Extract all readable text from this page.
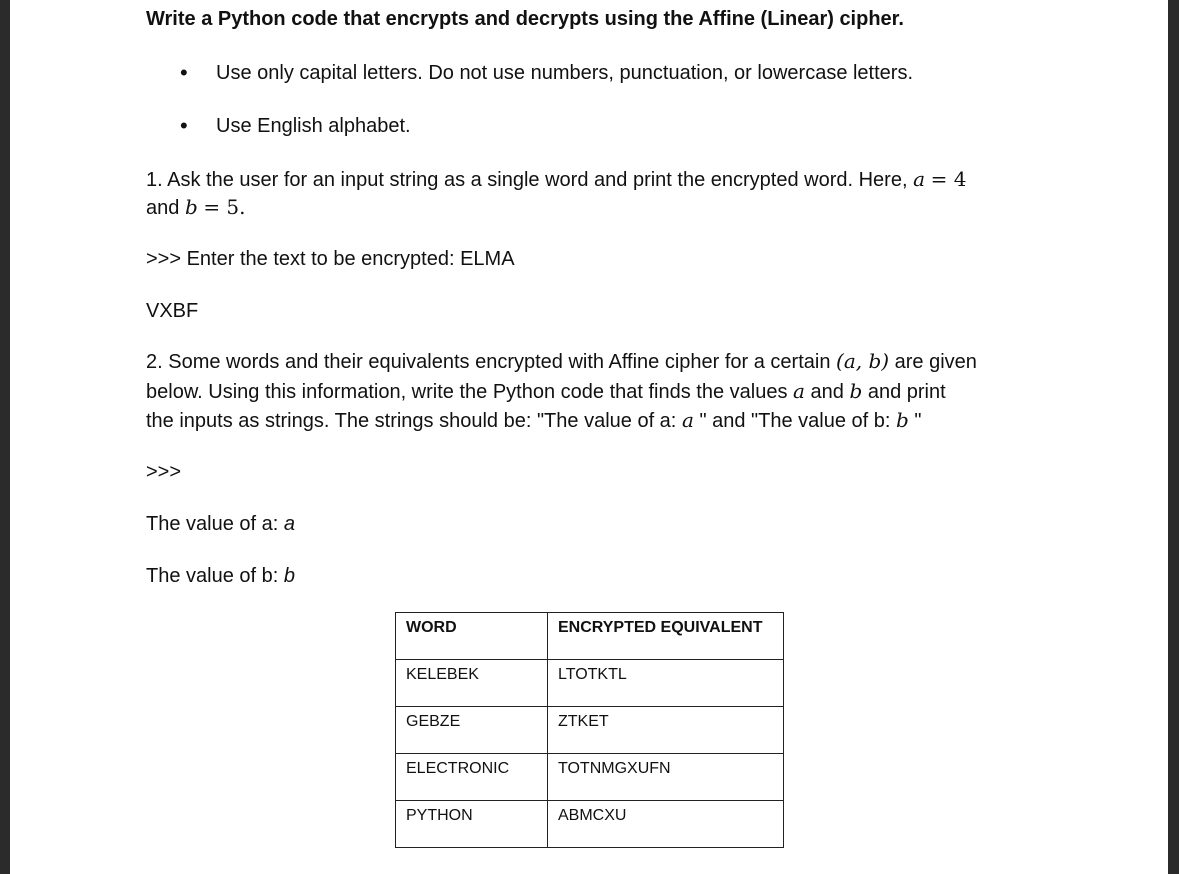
Write a Python code that encrypts and decrypts using the Affine (Linear) cipher.
• Use only capital letters. Do not use numbers, punctuation, or lowercase letters.
• Use English alphabet.
1. Ask the user for an input string as a single word and print the encrypted word. Here, a = 4
and b = 5.
>>> Enter the text to be encrypted: ELMA
VXBF
2. Some words and their equivalents encrypted with Affine cipher for a certain (a, b) are given
below. Using this information, write the Python code that finds the values a and b and print
the inputs as strings. The strings should be: "The value of a: a " and "The value of b: b "
>>>
The value of a: a
The value of b: b
WORD	ENCRYPTED EQUIVALENT
KELEBEK	LTOTKTL
GEBZE	ZTKET
ELECTRONIC	TOTNMGXUFN
PYTHON	ABMCXU
